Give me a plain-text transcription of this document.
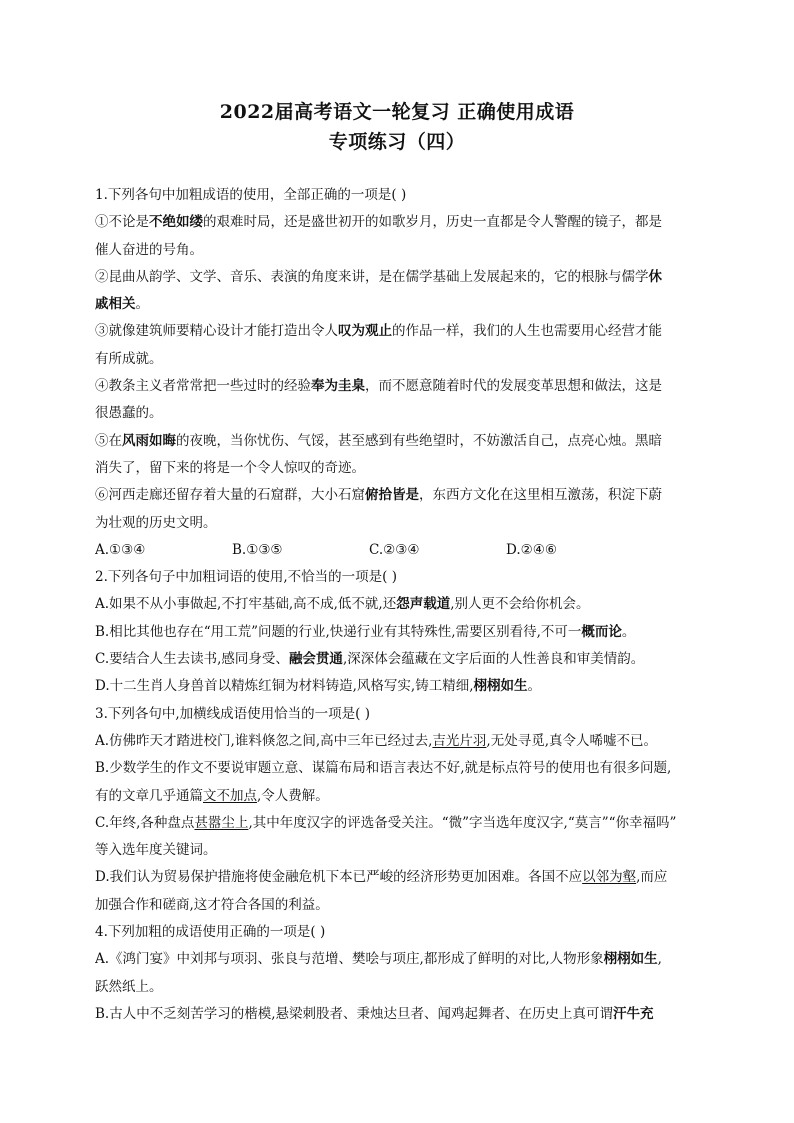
2022届高考语文一轮复习 正确使用成语
专项练习（四）
1.下列各句中加粗成语的使用，全部正确的一项是( )
①不论是不绝如缕的艰难时局，还是盛世初开的如歌岁月，历史一直都是令人警醒的镜子，都是
催人奋进的号角。
②昆曲从韵学、文学、音乐、表演的角度来讲，是在儒学基础上发展起来的，它的根脉与儒学休
戚相关。
③就像建筑师要精心设计才能打造出令人叹为观止的作品一样，我们的人生也需要用心经营才能
有所成就。
④教条主义者常常把一些过时的经验奉为圭臬，而不愿意随着时代的发展变革思想和做法，这是
很愚蠢的。
⑤在风雨如晦的夜晚，当你忧伤、气馁，甚至感到有些绝望时，不妨激活自己，点亮心烛。黑暗
消失了，留下来的将是一个令人惊叹的奇迹。
⑥河西走廊还留存着大量的石窟群，大小石窟俯拾皆是，东西方文化在这里相互激荡，积淀下蔚
为壮观的历史文明。
A.①③④	B.①③⑤	C.②③④	D.②④⑥
2.下列各句子中加粗词语的使用,不恰当的一项是( )
A.如果不从小事做起,不打牢基础,高不成,低不就,还怨声载道,别人更不会给你机会。
B.相比其他也存在“用工荒”问题的行业,快递行业有其特殊性,需要区别看待,不可一概而论。
C.要结合人生去读书,感同身受、融会贯通,深深体会蕴藏在文字后面的人性善良和审美情韵。
D.十二生肖人身兽首以精炼红铜为材料铸造,风格写实,铸工精细,栩栩如生。
3.下列各句中,加横线成语使用恰当的一项是( )
A.仿佛昨天才踏进校门,谁料倏忽之间,高中三年已经过去,吉光片羽,无处寻觅,真令人唏嘘不已。
B.少数学生的作文不要说审题立意、谋篇布局和语言表达不好,就是标点符号的使用也有很多问题,
有的文章几乎通篇文不加点,令人费解。
C.年终,各种盘点甚嚣尘上,其中年度汉字的评选备受关注。“微”字当选年度汉字,“莫言”“你幸福吗”
等入选年度关键词。
D.我们认为贸易保护措施将使金融危机下本已严峻的经济形势更加困难。各国不应以邻为壑,而应
加强合作和磋商,这才符合各国的利益。
4.下列加粗的成语使用正确的一项是( )
A.《鸿门宴》中刘邦与项羽、张良与范增、樊哙与项庄,都形成了鲜明的对比,人物形象栩栩如生,
跃然纸上。
B.古人中不乏刻苦学习的楷模,悬梁刺股者、秉烛达旦者、闻鸡起舞者、在历史上真可谓汗牛充
